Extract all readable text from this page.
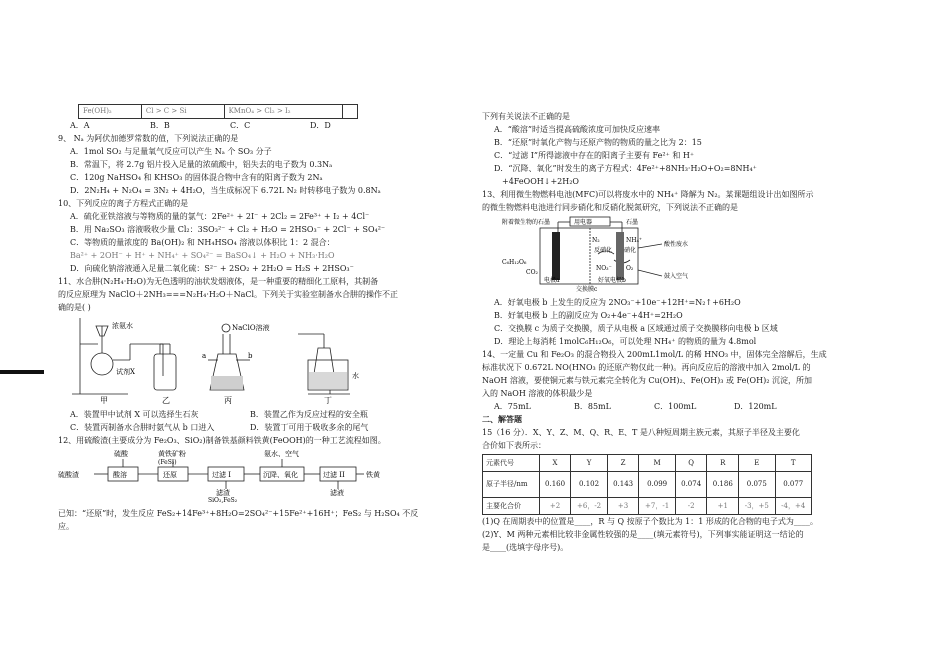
Fe(OH)₂	Cl > C > Si	KMnO₄ > Cl₂ > I₂	
A．A	B．B	C．C	D．D
9、 Nₐ 为阿伏加德罗常数的值，下列说法正确的是
A．1mol SO₂ 与足量氧气反应可以产生 Nₐ 个 SO₃ 分子
B．常温下，将 2.7g 铝片投入足量的浓硫酸中，铝失去的电子数为 0.3Nₐ
C．120g NaHSO₄ 和 KHSO₃ 的固体混合物中含有的阳离子数为 2Nₐ
D．2N₂H₄ + N₂O₄ = 3N₂ + 4H₂O，当生成标况下 6.72L N₂ 时转移电子数为 0.8Nₐ
10、下列反应的离子方程式正确的是
A．硫化亚铁溶液与等物质的量的氯气：2Fe²⁺ + 2I⁻ + 2Cl₂ = 2Fe³⁺ + I₂ + 4Cl⁻
B．用 Na₂SO₃ 溶液吸收少量 Cl₂：3SO₃²⁻ + Cl₂ + H₂O = 2HSO₃⁻ + 2Cl⁻ + SO₄²⁻
C．等物质的量浓度的 Ba(OH)₂ 和 NH₄HSO₄ 溶液以体积比 1：2 混合：
Ba²⁺ + 2OH⁻ + H⁺ + NH₄⁺ + SO₄²⁻ = BaSO₄↓ + H₂O + NH₃·H₂O
D．向硫化钠溶液通入足量二氧化硫：S²⁻ + 2SO₂ + 2H₂O = H₂S + 2HSO₃⁻
11、水合肼(N₂H₄·H₂O)为无色透明的油状发烟液体，是一种重要的精细化工原料，其制备
的反应原理为 NaClO＋2NH₃===N₂H₄·H₂O＋NaCl。下列关于实验室制备水合肼的操作不正
确的是( )
浓氨水
试剂X
NaClO溶液
a	b
水
甲	乙	丙	丁
A．装置甲中试剂 X 可以选择生石灰	B．装置乙作为反应过程的安全瓶
C．装置丙制备水合肼时氨气从 b 口进入	D．装置丁可用于吸收多余的尾气
12、用硫酸渣(主要成分为 Fe₂O₃、SiO₂)制备铁基颜料铁黄(FeOOH)的一种工艺流程如图。
硫酸渣
硫酸	黄铁矿粉
(FeS₂)
氨水、空气
酸溶	还原	过滤 I	沉降、氧化	过滤 II	铁黄
滤渣
SiO₂,FeS₂
滤液
已知：“还原”时，发生反应 FeS₂+14Fe³⁺+8H₂O=2SO₄²⁻+15Fe²⁺+16H⁺；FeS₂ 与 H₂SO₄ 不反
应。
下列有关说法不正确的是
A．“酸溶”时适当提高硫酸浓度可加快反应速率
B．“还原”时氧化产物与还原产物的物质的量之比为 2：15
C．“过滤 I”所得滤液中存在的阳离子主要有 Fe²⁺ 和 H⁺
D．“沉降、氧化”时发生的离子方程式：4Fe²⁺+8NH₃·H₂O+O₂=8NH₄⁺
+4FeOOH↓+2H₂O
13、利用微生物燃料电池(MFC)可以将废水中的 NH₄⁺ 降解为 N₂。某课题组设计出如图所示
的微生物燃料电池进行同步硝化和反硝化脱氮研究，下列说法不正确的是
附着微生物的石墨	用电器	石墨
C₆H₁₂O₆
CO₂
N₂	NH₄⁺
反硝化 硝化
NO₃⁻ O₂
酸性废水
鼓入空气
电极a	好氧电极b
交换膜c
A．好氧电极 b 上发生的反应为 2NO₃⁻+10e⁻+12H⁺=N₂↑+6H₂O
B．好氧电极 b 上的副反应为 O₂+4e⁻+4H⁺=2H₂O
C．交换膜 c 为质子交换膜，质子从电极 a 区域通过质子交换膜移向电极 b 区域
D．理论上每消耗 1molC₆H₁₂O₆，可以处理 NH₄⁺ 的物质的量为 4.8mol
14、一定量 Cu 和 Fe₂O₃ 的混合物投入 200mL1mol/L 的稀 HNO₃ 中，固体完全溶解后，生成
标准状况下 0.672L NO(HNO₃ 的还原产物仅此一种)。再向反应后的溶液中加入 2mol/L 的
NaOH 溶液，要使铜元素与铁元素完全转化为 Cu(OH)₂、Fe(OH)₃ 或 Fe(OH)₂ 沉淀，所加
入的 NaOH 溶液的体积最少是
A．75mL	B．85mL	C．100mL	D．120mL
二、解答题
15（16 分）．X、Y、Z、M、Q、R、E、T 是八种短周期主族元素，其原子半径及主要化
合价如下表所示：
元素代号	X	Y	Z	M	Q	R	E	T
原子半径/nm	0.160	0.102	0.143	0.099	0.074	0.186	0.075	0.077
主要化合价	+2	+6，-2	+3	+7，-1	-2	+1	-3，+5	-4，+4
(1)Q 在周期表中的位置是____，R 与 Q 按原子个数比为 1：1 形成的化合物的电子式为____。
(2)Y、M 两种元素相比较非金属性较强的是____(填元素符号)，下列事实能证明这一结论的
是____(选填字母序号)。
